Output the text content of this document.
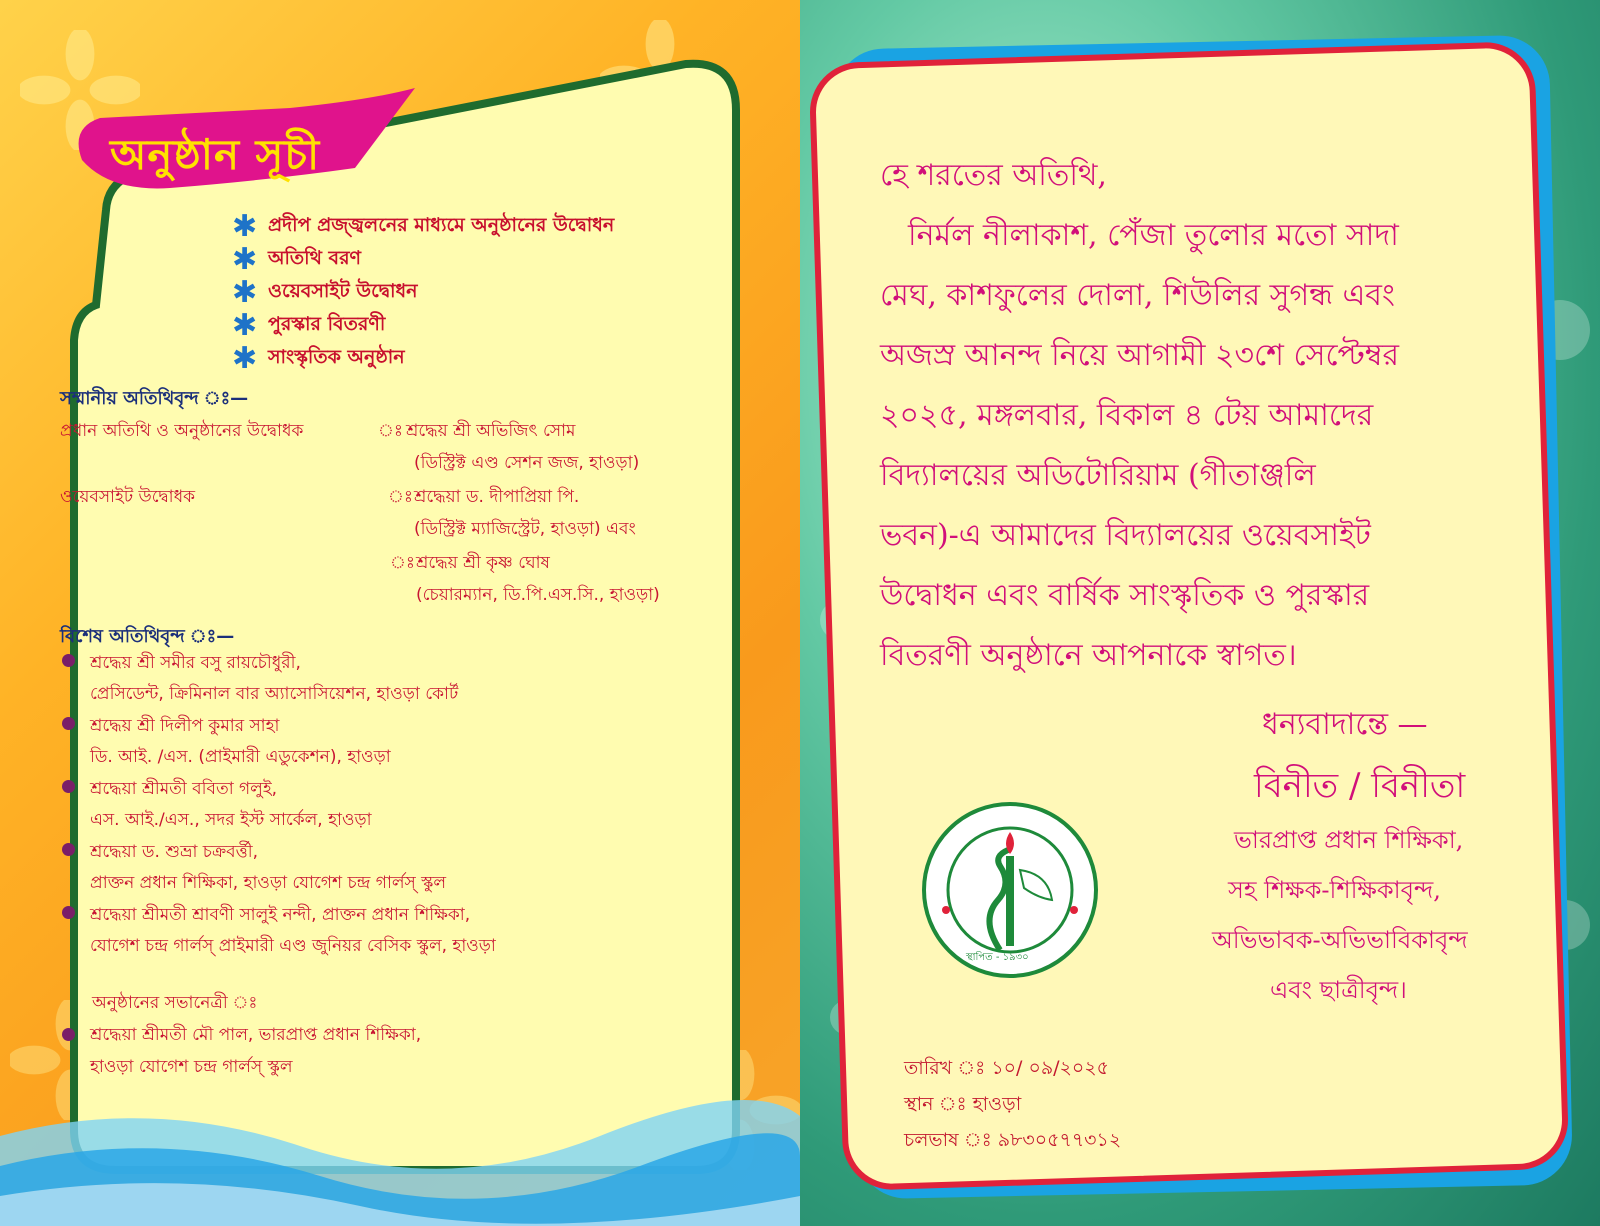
অনুষ্ঠান সূচী
✱ প্রদীপ প্রজ্জ্বলনের মাধ্যমে অনুষ্ঠানের উদ্বোধন
✱ অতিথি বরণ
✱ ওয়েবসাইট উদ্বোধন
✱ পুরস্কার বিতরণী
✱ সাংস্কৃতিক অনুষ্ঠান
সম্মানীয় অতিথিবৃন্দ ঃ—
প্রধান অতিথি ও অনুষ্ঠানের উদ্বোধক	ঃ শ্রদ্ধেয় শ্রী অভিজিৎ সোম
(ডিস্ট্রিক্ট এণ্ড সেশন জজ, হাওড়া)
ওয়েবসাইট উদ্বোধক	ঃ শ্রদ্ধেয়া ড. দীপাপ্রিয়া পি.
(ডিস্ট্রিক্ট ম্যাজিস্ট্রেট, হাওড়া) এবং
ঃ শ্রদ্ধেয় শ্রী কৃষ্ণ ঘোষ
(চেয়ারম্যান, ডি.পি.এস.সি., হাওড়া)
বিশেষ অতিথিবৃন্দ ঃ—
শ্রদ্ধেয় শ্রী সমীর বসু রায়চৌধুরী,
প্রেসিডেন্ট, ক্রিমিনাল বার অ্যাসোসিয়েশন, হাওড়া কোর্ট
শ্রদ্ধেয় শ্রী দিলীপ কুমার সাহা
ডি. আই. /এস. (প্রাইমারী এডুকেশন), হাওড়া
শ্রদ্ধেয়া শ্রীমতী ববিতা গলুই,
এস. আই./এস., সদর ইস্ট সার্কেল, হাওড়া
শ্রদ্ধেয়া ড. শুভ্রা চক্রবর্ত্তী,
প্রাক্তন প্রধান শিক্ষিকা, হাওড়া যোগেশ চন্দ্র গার্লস্ স্কুল
শ্রদ্ধেয়া শ্রীমতী শ্রাবণী সালুই নন্দী, প্রাক্তন প্রধান শিক্ষিকা,
যোগেশ চন্দ্র গার্লস্ প্রাইমারী এণ্ড জুনিয়র বেসিক স্কুল, হাওড়া
অনুষ্ঠানের সভানেত্রী ঃ
শ্রদ্ধেয়া শ্রীমতী মৌ পাল, ভারপ্রাপ্ত প্রধান শিক্ষিকা,
হাওড়া যোগেশ চন্দ্র গার্লস্ স্কুল
হে শরতের অতিথি,
নির্মল নীলাকাশ, পেঁজা তুলোর মতো সাদা
মেঘ, কাশফুলের দোলা, শিউলির সুগন্ধ এবং
অজস্র আনন্দ নিয়ে আগামী ২৩শে সেপ্টেম্বর
২০২৫, মঙ্গলবার, বিকাল ৪ টেয় আমাদের
বিদ্যালয়ের অডিটোরিয়াম (গীতাঞ্জলি
ভবন)-এ আমাদের বিদ্যালয়ের ওয়েবসাইট
উদ্বোধন এবং বার্ষিক সাংস্কৃতিক ও পুরস্কার
বিতরণী অনুষ্ঠানে আপনাকে স্বাগত।
ধন্যবাদান্তে —
বিনীত / বিনীতা
ভারপ্রাপ্ত প্রধান শিক্ষিকা,
সহ শিক্ষক-শিক্ষিকাবৃন্দ,
অভিভাবক-অভিভাবিকাবৃন্দ
এবং ছাত্রীবৃন্দ।
স্থাপিত - ১৯৩০
তারিখ ঃ ১০/ ০৯/২০২৫
স্থান ঃ হাওড়া
চলভাষ ঃ ৯৮৩০৫৭৭৩১২
